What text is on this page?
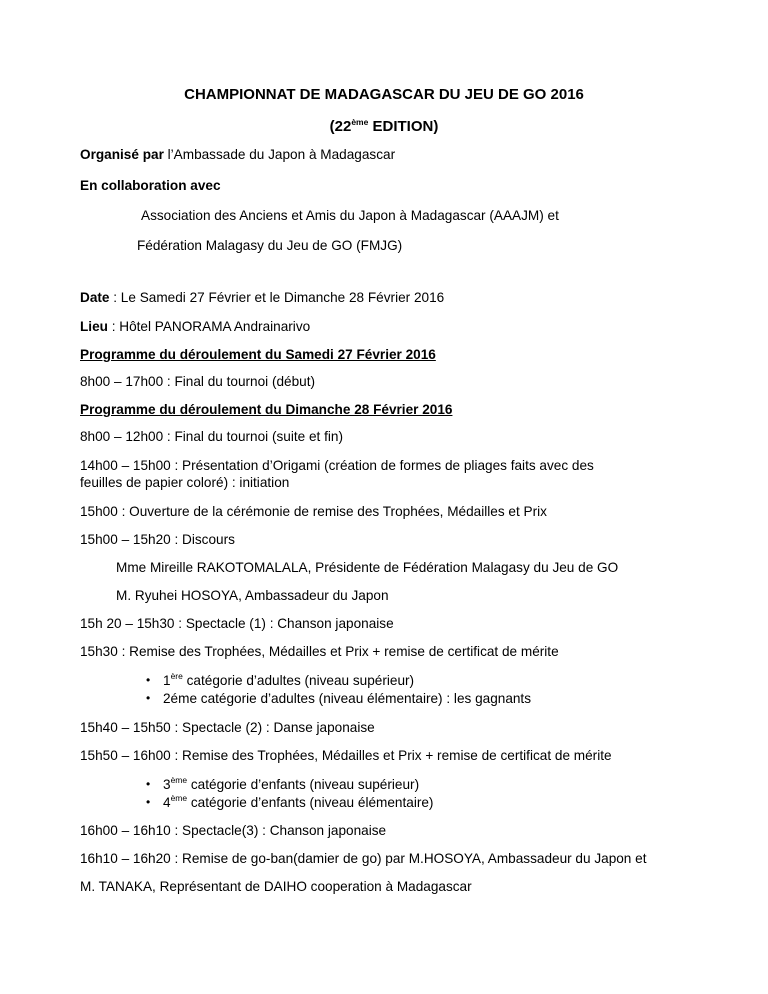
CHAMPIONNAT DE MADAGASCAR DU JEU DE GO 2016
(22ème EDITION)
Organisé par l’Ambassade du Japon à Madagascar
En collaboration avec
Association des Anciens et Amis du Japon à Madagascar (AAAJM) et
Fédération Malagasy du Jeu de GO (FMJG)
Date : Le Samedi 27 Février et le Dimanche 28 Février 2016
Lieu : Hôtel PANORAMA Andrainarivo
Programme du déroulement du Samedi 27 Février 2016
8h00 – 17h00 : Final du tournoi (début)
Programme du déroulement du Dimanche 28 Février 2016
8h00 – 12h00 : Final du tournoi (suite et fin)
14h00 – 15h00 : Présentation d’Origami (création de formes de pliages faits avec des
feuilles de papier coloré) : initiation
15h00 : Ouverture de la cérémonie de remise des Trophées, Médailles et Prix
15h00 – 15h20 : Discours
Mme Mireille RAKOTOMALALA, Présidente de Fédération Malagasy du Jeu de GO
M. Ryuhei HOSOYA, Ambassadeur du Japon
15h 20 – 15h30 : Spectacle (1) : Chanson japonaise
15h30 : Remise des Trophées, Médailles et Prix + remise de certificat de mérite
• 1ère catégorie d’adultes (niveau supérieur)
• 2éme catégorie d’adultes (niveau élémentaire) : les gagnants
15h40 – 15h50 : Spectacle (2) : Danse japonaise
15h50 – 16h00 : Remise des Trophées, Médailles et Prix + remise de certificat de mérite
• 3ème catégorie d’enfants (niveau supérieur)
• 4ème catégorie d’enfants (niveau élémentaire)
16h00 – 16h10 : Spectacle(3) : Chanson japonaise
16h10 – 16h20 : Remise de go-ban(damier de go) par M.HOSOYA, Ambassadeur du Japon et
M. TANAKA, Représentant de DAIHO cooperation à Madagascar
